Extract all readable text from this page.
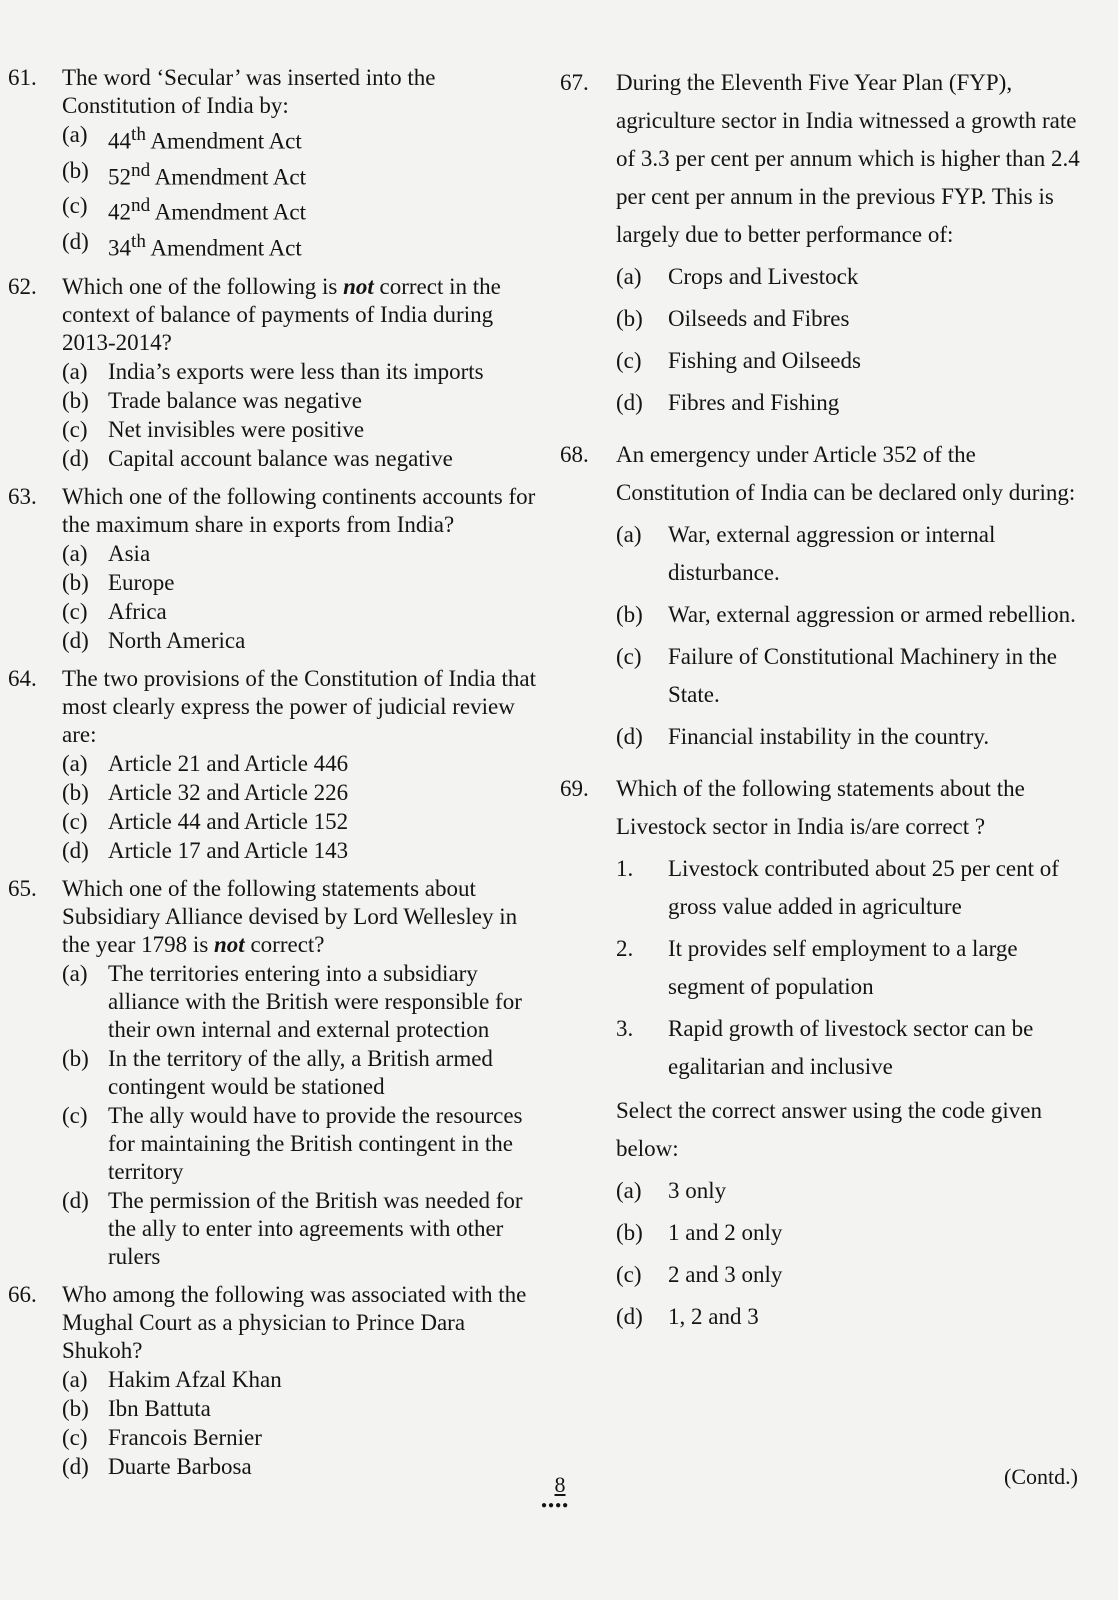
61.	The word ‘Secular’ was inserted into the Constitution of India by:
(a) 44th Amendment Act
(b) 52nd Amendment Act
(c) 42nd Amendment Act
(d) 34th Amendment Act
62.	Which one of the following is not correct in the context of balance of payments of India during 2013-2014?
(a) India’s exports were less than its imports
(b) Trade balance was negative
(c) Net invisibles were positive
(d) Capital account balance was negative
63.	Which one of the following continents accounts for the maximum share in exports from India?
(a) Asia
(b) Europe
(c) Africa
(d) North America
64.	The two provisions of the Constitution of India that most clearly express the power of judicial review are:
(a) Article 21 and Article 446
(b) Article 32 and Article 226
(c) Article 44 and Article 152
(d) Article 17 and Article 143
65.	Which one of the following statements about Subsidiary Alliance devised by Lord Wellesley in the year 1798 is not correct?
(a) The territories entering into a subsidiary alliance with the British were responsible for their own internal and external protection
(b) In the territory of the ally, a British armed contingent would be stationed
(c) The ally would have to provide the resources for maintaining the British contingent in the territory
(d) The permission of the British was needed for the ally to enter into agreements with other rulers
66.	Who among the following was associated with the Mughal Court as a physician to Prince Dara Shukoh?
(a) Hakim Afzal Khan
(b) Ibn Battuta
(c) Francois Bernier
(d) Duarte Barbosa
67.	During the Eleventh Five Year Plan (FYP), agriculture sector in India witnessed a growth rate of 3.3 per cent per annum which is higher than 2.4 per cent per annum in the previous FYP. This is largely due to better performance of:
(a)	Crops and Livestock
(b)	Oilseeds and Fibres
(c)	Fishing and Oilseeds
(d)	Fibres and Fishing
68.	An emergency under Article 352 of the Constitution of India can be declared only during:
(a)	War, external aggression or internal disturbance.
(b)	War, external aggression or armed rebellion.
(c)	Failure of Constitutional Machinery in the State.
(d)	Financial instability in the country.
69.	Which of the following statements about the Livestock sector in India is/are correct ?
1.	Livestock contributed about 25 per cent of gross value added in agriculture
2.	It provides self employment to a large segment of population
3.	Rapid growth of livestock sector can be egalitarian and inclusive
Select the correct answer using the code given below:
(a)	3 only
(b)	1 and 2 only
(c)	2 and 3 only
(d)	1, 2 and 3
8
●●●●
(Contd.)
